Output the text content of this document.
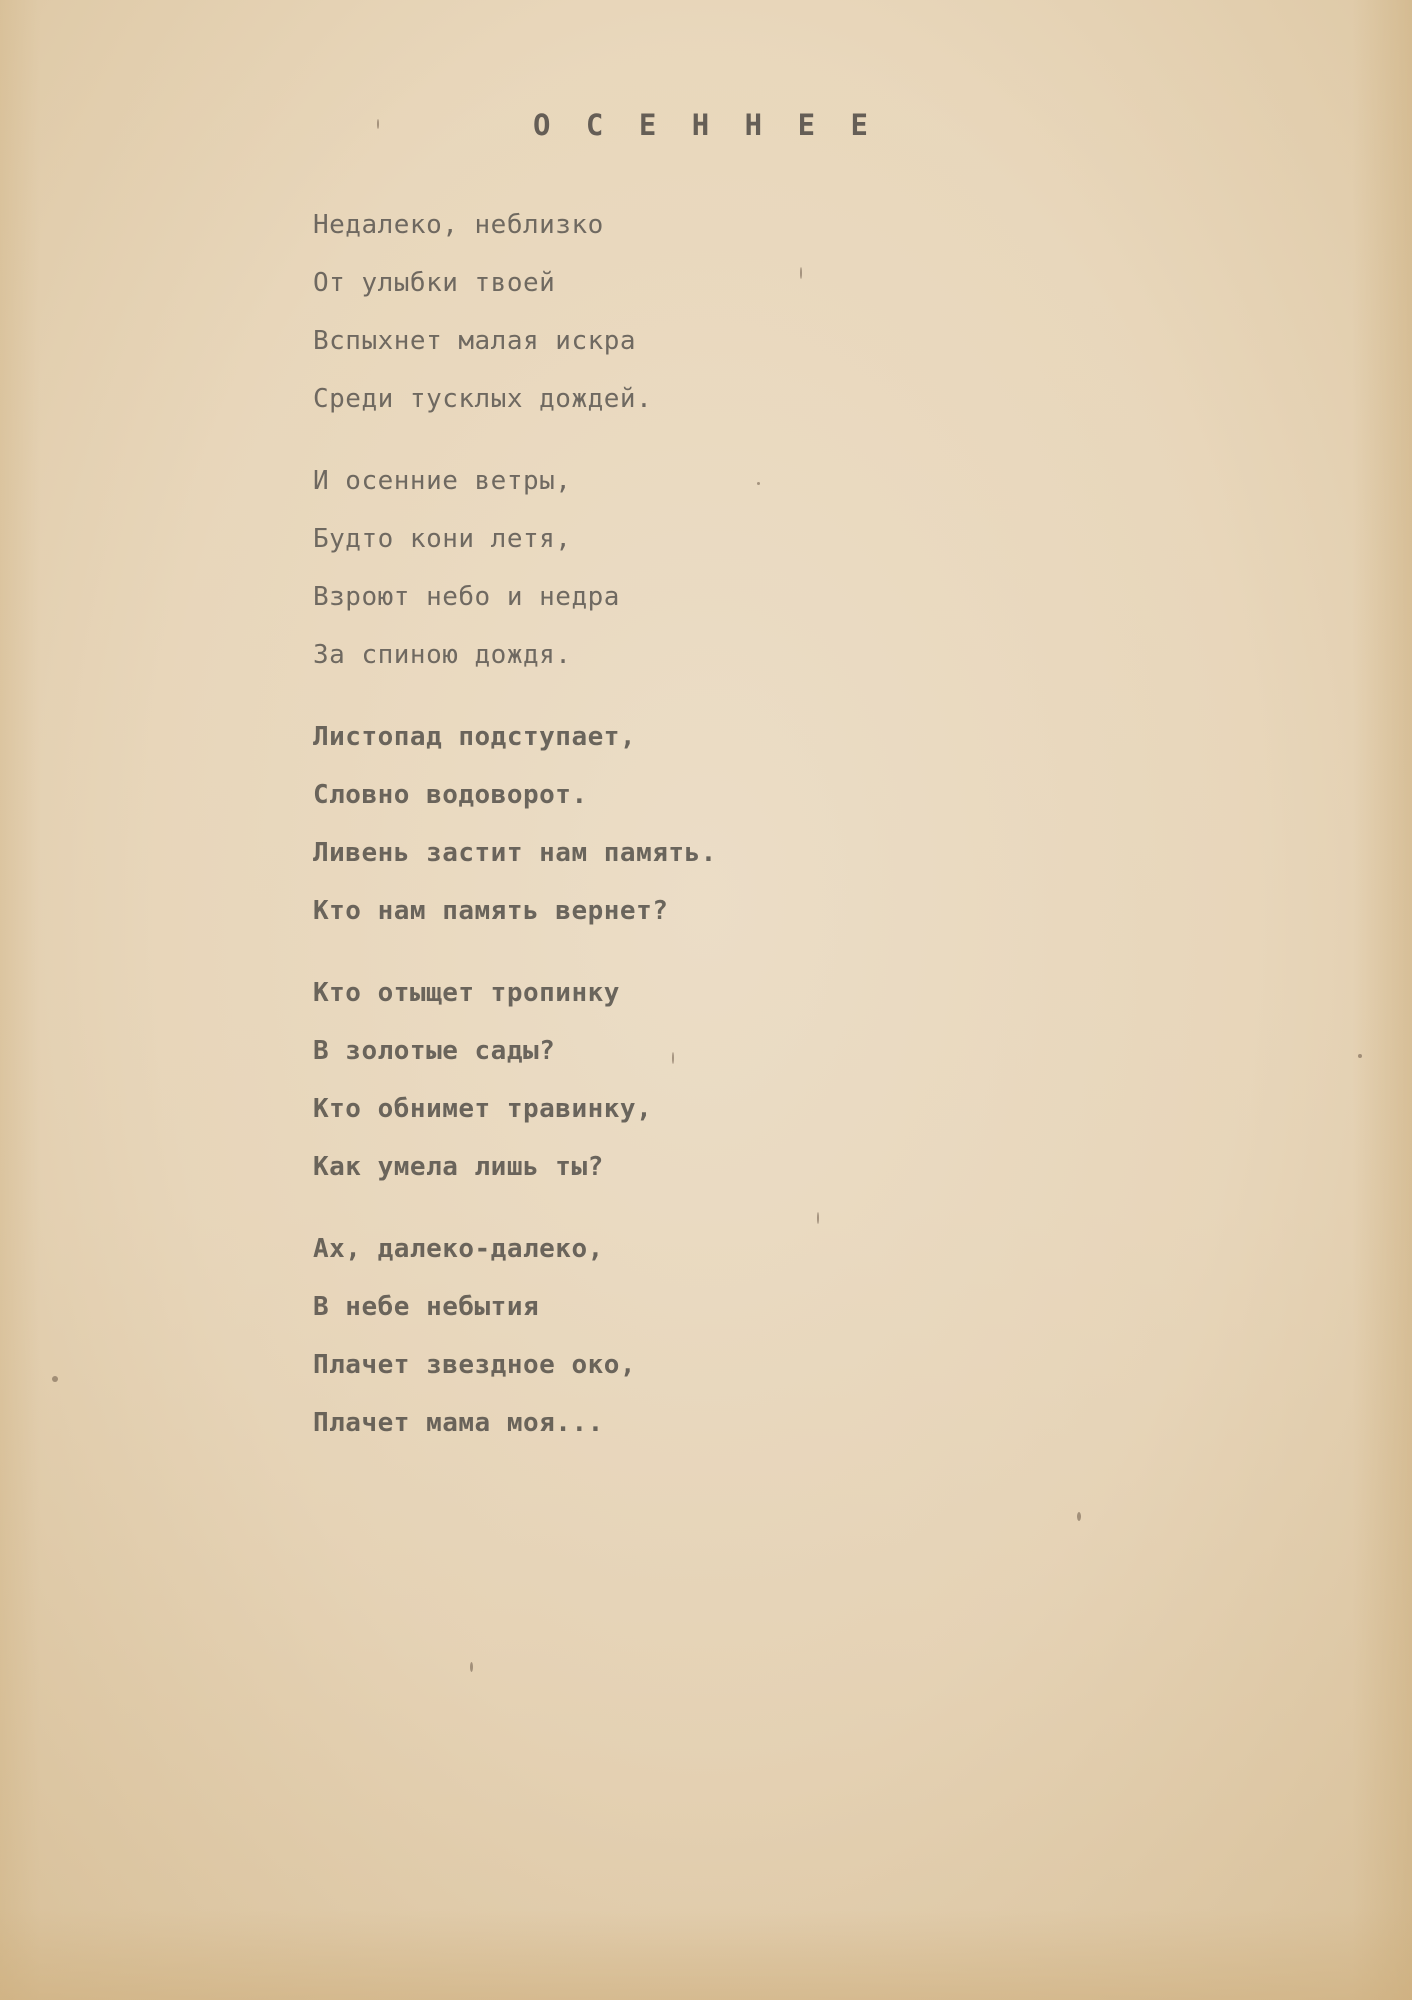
О С Е Н Н Е Е
Недалеко, неблизко
От улыбки твоей
Вспыхнет малая искра
Среди тусклых дождей.
И осенние ветры,
Будто кони летя,
Взроют небо и недра
За спиною дождя.
Листопад подступает,
Словно водоворот.
Ливень застит нам память.
Кто нам память вернет?
Кто отыщет тропинку
В золотые сады?
Кто обнимет травинку,
Как умела лишь ты?
Ах, далеко-далеко,
В небе небытия
Плачет звездное око,
Плачет мама моя...
